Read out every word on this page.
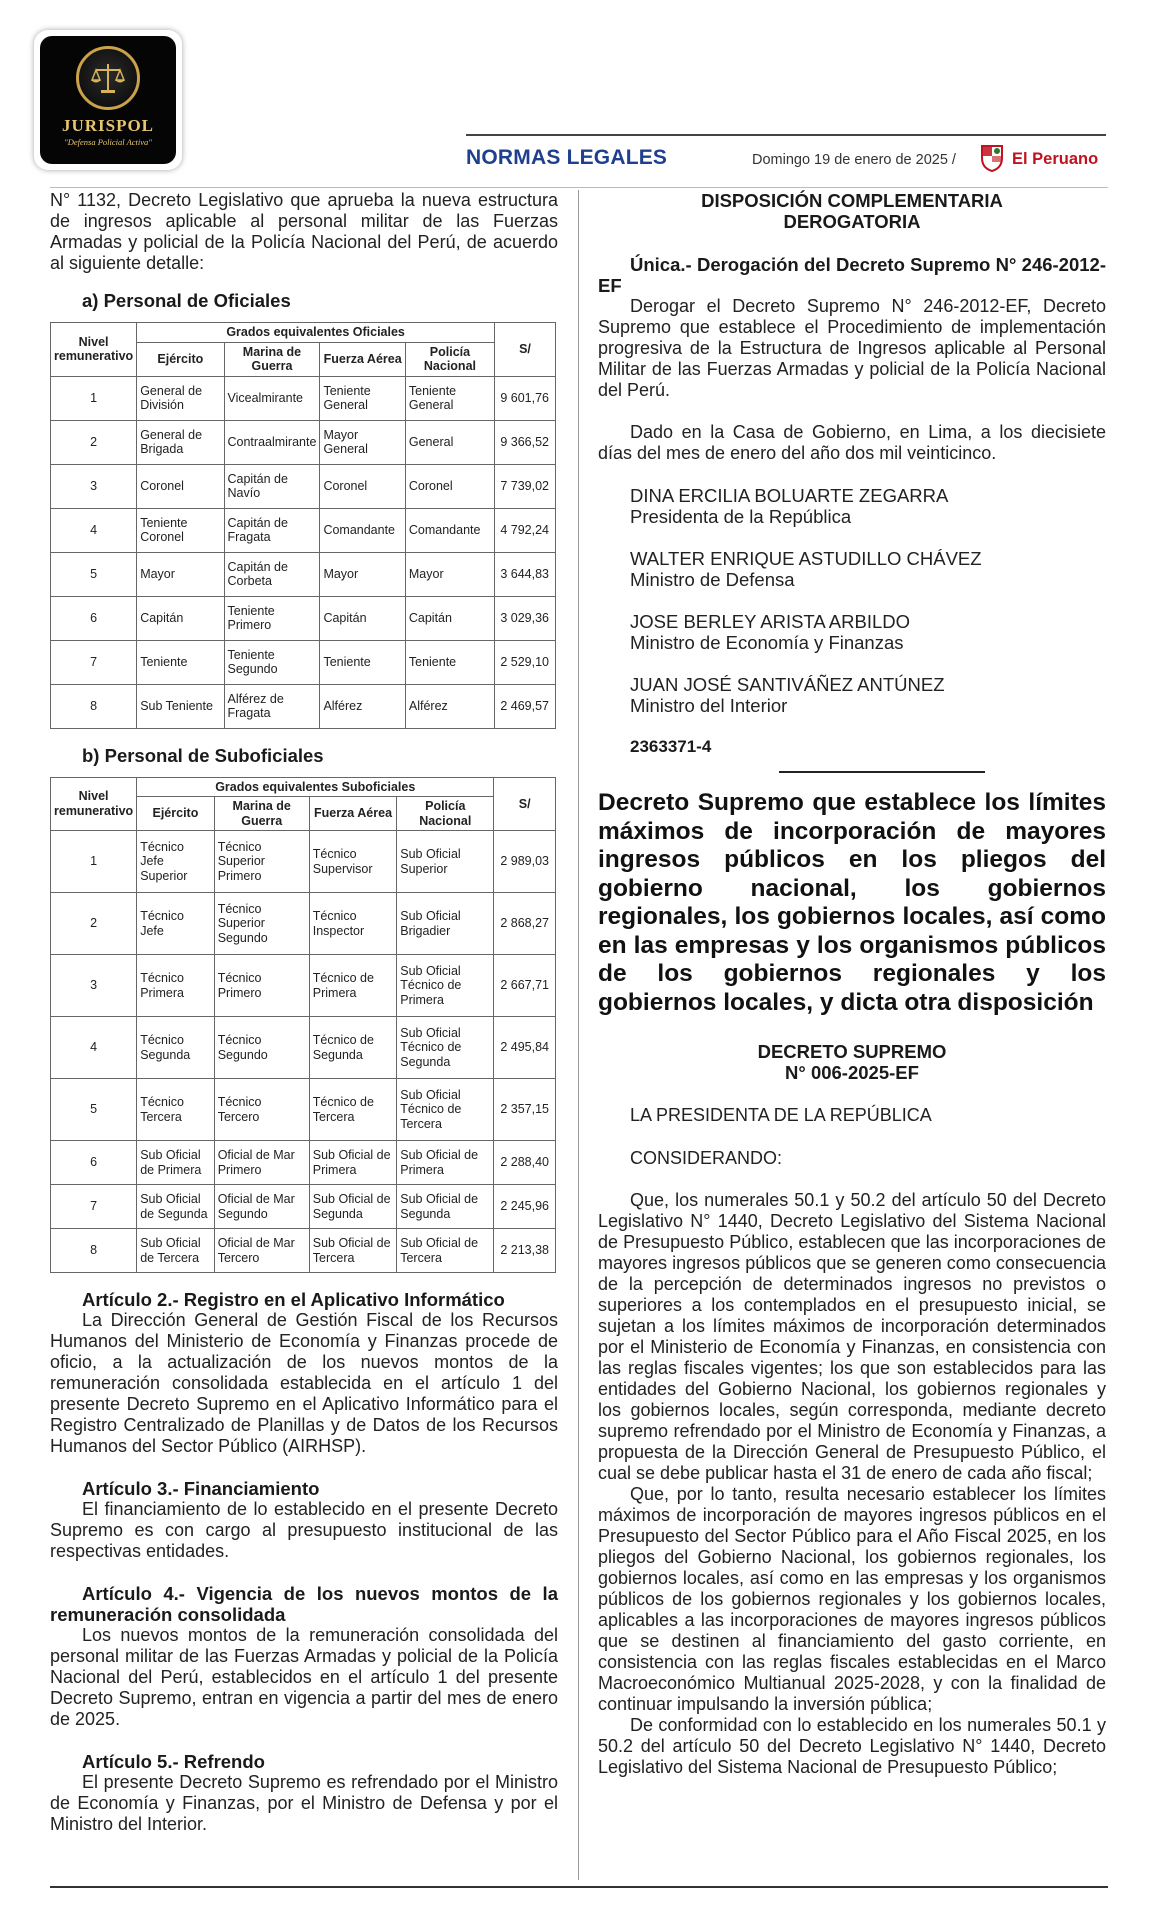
JURISPOL
"Defensa Policial Activa"
NORMAS LEGALES	Domingo 19 de enero de 2025 /	El Peruano

N° 1132, Decreto Legislativo que aprueba la nueva estructura de ingresos aplicable al personal militar de las Fuerzas Armadas y policial de la Policía Nacional del Perú, de acuerdo al siguiente detalle:

a) Personal de Oficiales
Nivel remunerativo	Grados equivalentes Oficiales				S/
	Ejército	Marina de Guerra	Fuerza Aérea	Policía Nacional	
1	General de División	Vicealmirante	Teniente General	Teniente General	9 601,76
2	General de Brigada	Contraalmirante	Mayor General	General	9 366,52
3	Coronel	Capitán de Navío	Coronel	Coronel	7 739,02
4	Teniente Coronel	Capitán de Fragata	Comandante	Comandante	4 792,24
5	Mayor	Capitán de Corbeta	Mayor	Mayor	3 644,83
6	Capitán	Teniente Primero	Capitán	Capitán	3 029,36
7	Teniente	Teniente Segundo	Teniente	Teniente	2 529,10
8	Sub Teniente	Alférez de Fragata	Alférez	Alférez	2 469,57
b) Personal de Suboficiales
Nivel remunerativo	Grados equivalentes Suboficiales				S/
	Ejército	Marina de Guerra	Fuerza Aérea	Policía Nacional	
1	Técnico Jefe Superior	Técnico Superior Primero	Técnico Supervisor	Sub Oficial Superior	2 989,03
2	Técnico Jefe	Técnico Superior Segundo	Técnico Inspector	Sub Oficial Brigadier	2 868,27
3	Técnico Primera	Técnico Primero	Técnico de Primera	Sub Oficial Técnico de Primera	2 667,71
4	Técnico Segunda	Técnico Segundo	Técnico de Segunda	Sub Oficial Técnico de Segunda	2 495,84
5	Técnico Tercera	Técnico Tercero	Técnico de Tercera	Sub Oficial Técnico de Tercera	2 357,15
6	Sub Oficial de Primera	Oficial de Mar Primero	Sub Oficial de Primera	Sub Oficial de Primera	2 288,40
7	Sub Oficial de Segunda	Oficial de Mar Segundo	Sub Oficial de Segunda	Sub Oficial de Segunda	2 245,96
8	Sub Oficial de Tercera	Oficial de Mar Tercero	Sub Oficial de Tercera	Sub Oficial de Tercera	2 213,38
Artículo 2.- Registro en el Aplicativo Informático

La Dirección General de Gestión Fiscal de los Recursos Humanos del Ministerio de Economía y Finanzas procede de oficio, a la actualización de los nuevos montos de la remuneración consolidada establecida en el artículo 1 del presente Decreto Supremo en el Aplicativo Informático para el Registro Centralizado de Planillas y de Datos de los Recursos Humanos del Sector Público (AIRHSP).

Artículo 3.- Financiamiento

El financiamiento de lo establecido en el presente Decreto Supremo es con cargo al presupuesto institucional de las respectivas entidades.

Artículo 4.- Vigencia de los nuevos montos de la remuneración consolidada

Los nuevos montos de la remuneración consolidada del personal militar de las Fuerzas Armadas y policial de la Policía Nacional del Perú, establecidos en el artículo 1 del presente Decreto Supremo, entran en vigencia a partir del mes de enero de 2025.

Artículo 5.- Refrendo

El presente Decreto Supremo es refrendado por el Ministro de Economía y Finanzas, por el Ministro de Defensa y por el Ministro del Interior.

DISPOSICIÓN COMPLEMENTARIA
DEROGATORIA
Única.- Derogación del Decreto Supremo N° 246-2012-EF

Derogar el Decreto Supremo N° 246-2012-EF, Decreto Supremo que establece el Procedimiento de implementación progresiva de la Estructura de Ingresos aplicable al Personal Militar de las Fuerzas Armadas y policial de la Policía Nacional del Perú.

Dado en la Casa de Gobierno, en Lima, a los diecisiete días del mes de enero del año dos mil veinticinco.

DINA ERCILIA BOLUARTE ZEGARRA
Presidenta de la República
WALTER ENRIQUE ASTUDILLO CHÁVEZ
Ministro de Defensa
JOSE BERLEY ARISTA ARBILDO
Ministro de Economía y Finanzas
JUAN JOSÉ SANTIVÁÑEZ ANTÚNEZ
Ministro del Interior
2363371-4
Decreto Supremo que establece los límites máximos de incorporación de mayores ingresos públicos en los pliegos del gobierno nacional, los gobiernos regionales, los gobiernos locales, así como en las empresas y los organismos públicos de los gobiernos regionales y los gobiernos locales, y dicta otra disposición
DECRETO SUPREMO
N° 006-2025-EF

LA PRESIDENTA DE LA REPÚBLICA

CONSIDERANDO:

Que, los numerales 50.1 y 50.2 del artículo 50 del Decreto Legislativo N° 1440, Decreto Legislativo del Sistema Nacional de Presupuesto Público, establecen que las incorporaciones de mayores ingresos públicos que se generen como consecuencia de la percepción de determinados ingresos no previstos o superiores a los contemplados en el presupuesto inicial, se sujetan a los límites máximos de incorporación determinados por el Ministerio de Economía y Finanzas, en consistencia con las reglas fiscales vigentes; los que son establecidos para las entidades del Gobierno Nacional, los gobiernos regionales y los gobiernos locales, según corresponda, mediante decreto supremo refrendado por el Ministro de Economía y Finanzas, a propuesta de la Dirección General de Presupuesto Público, el cual se debe publicar hasta el 31 de enero de cada año fiscal;

Que, por lo tanto, resulta necesario establecer los límites máximos de incorporación de mayores ingresos públicos en el Presupuesto del Sector Público para el Año Fiscal 2025, en los pliegos del Gobierno Nacional, los gobiernos regionales, los gobiernos locales, así como en las empresas y los organismos públicos de los gobiernos regionales y los gobiernos locales, aplicables a las incorporaciones de mayores ingresos públicos que se destinen al financiamiento del gasto corriente, en consistencia con las reglas fiscales establecidas en el Marco Macroeconómico Multianual 2025-2028, y con la finalidad de continuar impulsando la inversión pública;

De conformidad con lo establecido en los numerales 50.1 y 50.2 del artículo 50 del Decreto Legislativo N° 1440, Decreto Legislativo del Sistema Nacional de Presupuesto Público;
